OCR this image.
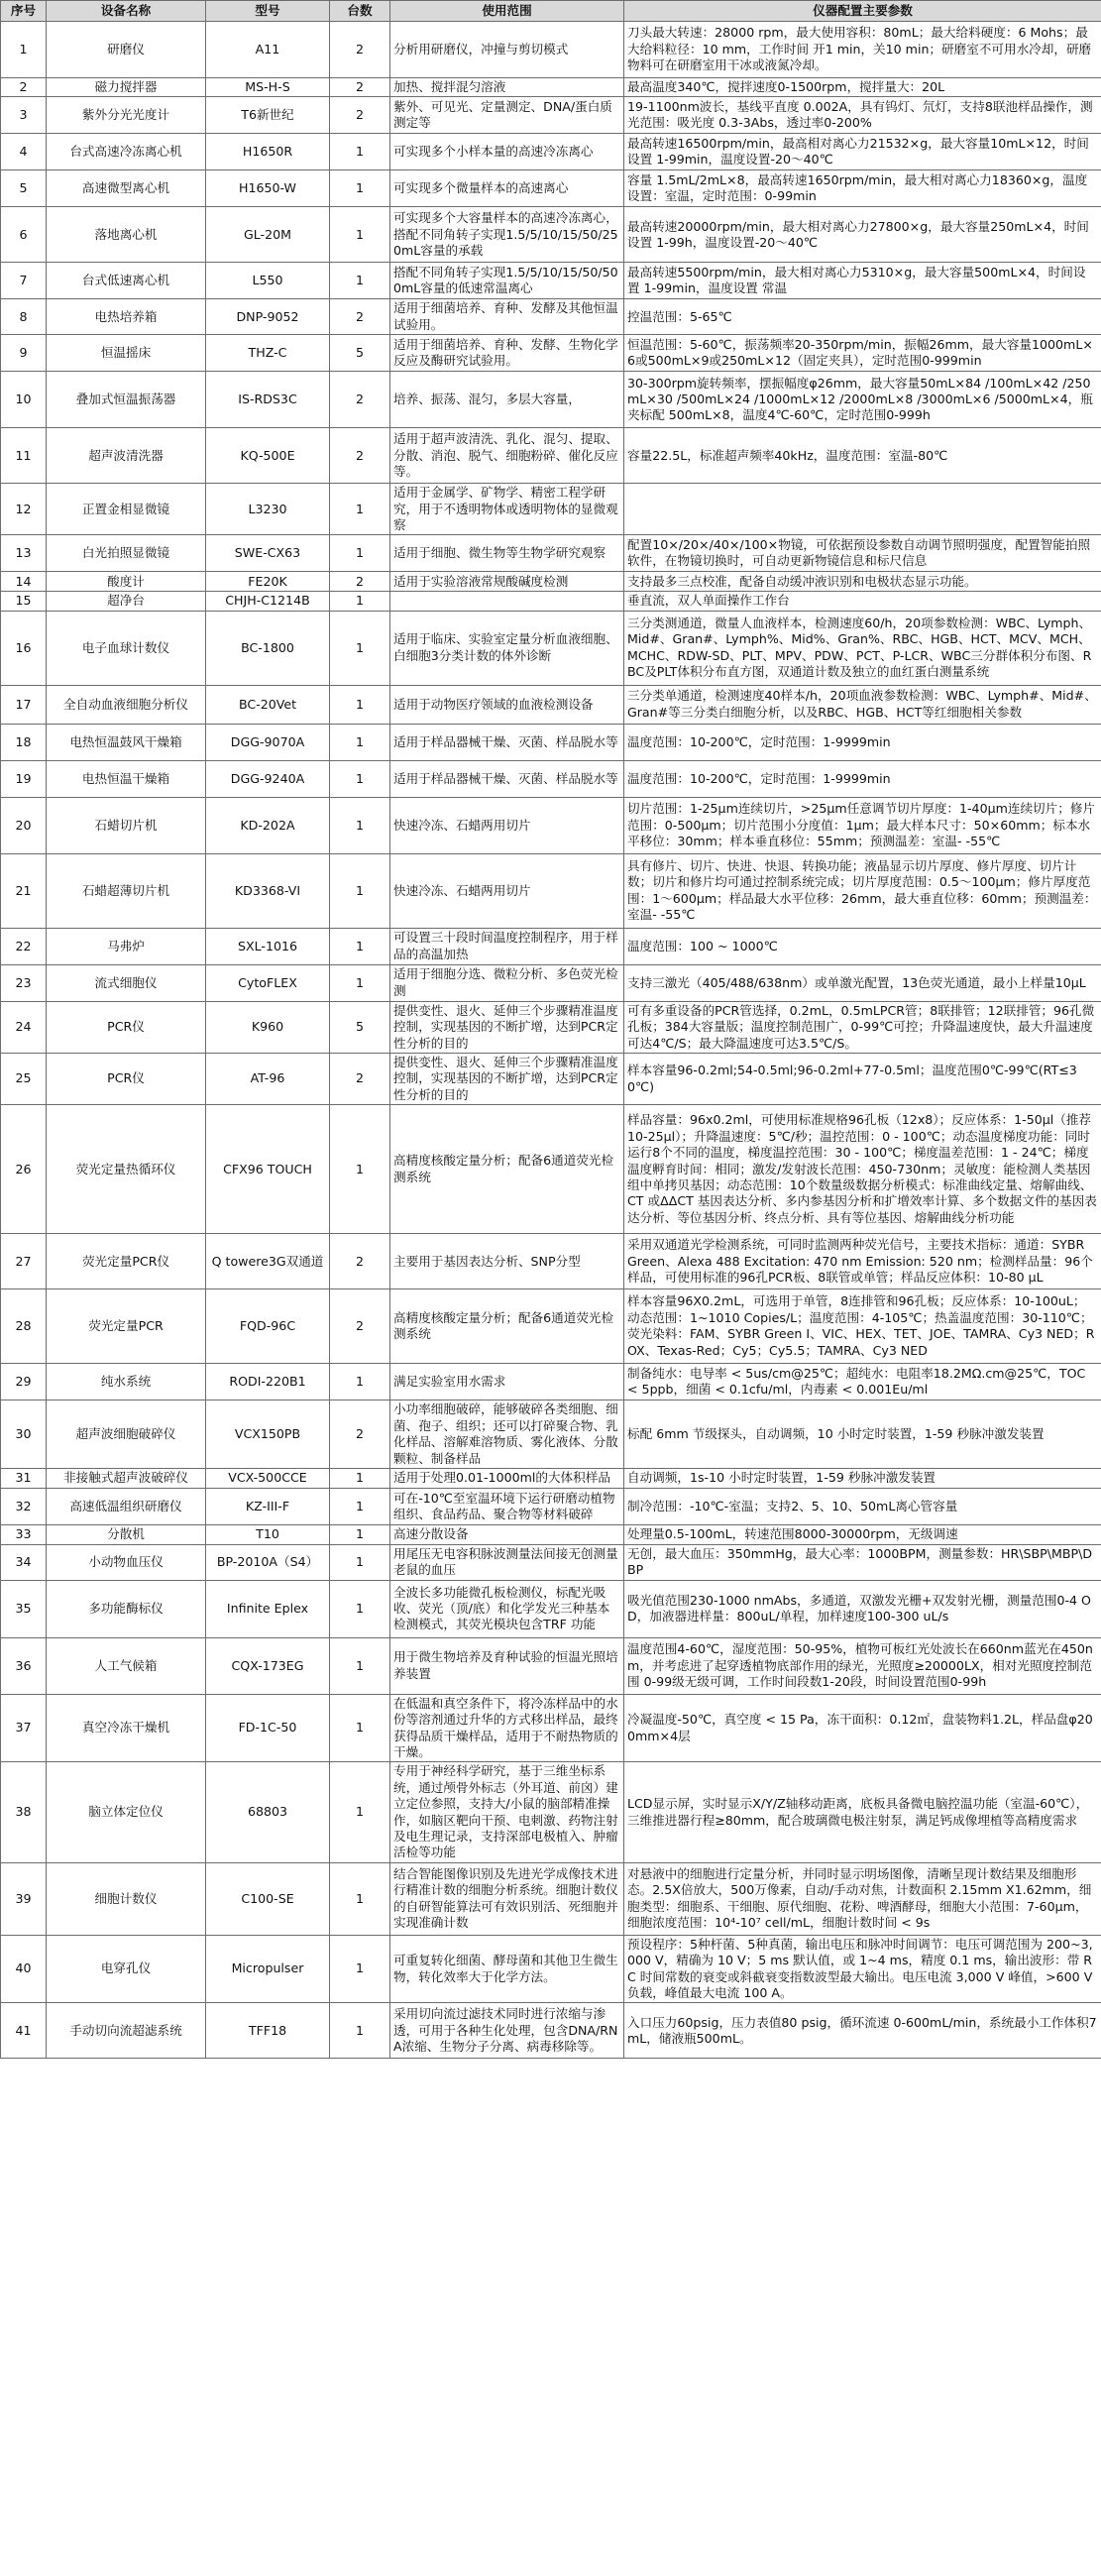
序号	设备名称	型号	台数	使用范围	仪器配置主要参数
1	研磨仪	A11	2	分析用研磨仪，冲撞与剪切模式	刀头最大转速：28000 rpm，最大使用容积：80mL；最大给料硬度：6 Mohs；最大给料粒径：10 mm，工作时间 开1 min，关10 min；研磨室不可用水冷却，研磨物料可在研磨室用干冰或液氮冷却。
2	磁力搅拌器	MS-H-S	2	加热、搅拌混匀溶液	最高温度340℃，搅拌速度0-1500rpm，搅拌量大：20L
3	紫外分光光度计	T6新世纪	2	紫外、可见光、定量测定、DNA/蛋白质测定等	19-1100nm波长，基线平直度 0.002A，具有钨灯、氘灯，支持8联池样品操作，测光范围：吸光度 0.3-3Abs，透过率0-200%
4	台式高速冷冻离心机	H1650R	1	可实现多个小样本量的高速冷冻离心	最高转速16500rpm/min，最高相对离心力21532×g，最大容量10mL×12，时间设置 1-99min，温度设置-20～40℃
5	高速微型离心机	H1650-W	1	可实现多个微量样本的高速离心	容量 1.5mL/2mL×8，最高转速1650rpm/min，最大相对离心力18360×g，温度设置：室温，定时范围：0-99min
6	落地离心机	GL-20M	1	可实现多个大容量样本的高速冷冻离心，搭配不同角转子实现1.5/5/10/15/50/250mL容量的承载	最高转速20000rpm/min，最大相对离心力27800×g，最大容量250mL×4，时间设置 1-99h，温度设置-20～40℃
7	台式低速离心机	L550	1	搭配不同角转子实现1.5/5/10/15/50/500mL容量的低速常温离心	最高转速5500rpm/min，最大相对离心力5310×g，最大容量500mL×4，时间设置 1-99min，温度设置 常温
8	电热培养箱	DNP-9052	2	适用于细菌培养、育种、发酵及其他恒温试验用。	控温范围：5-65℃
9	恒温摇床	THZ-C	5	适用于细菌培养、育种、发酵、生物化学反应及酶研究试验用。	恒温范围：5-60℃，振荡频率20-350rpm/min，振幅26mm，最大容量1000mL×6或500mL×9或250mL×12（固定夹具），定时范围0-999min
10	叠加式恒温振荡器	IS-RDS3C	2	培养、振荡、混匀，多层大容量，	30-300rpm旋转频率，摆振幅度φ26mm，最大容量50mL×84 /100mL×42 /250mL×30 /500mL×24 /1000mL×12 /2000mL×8 /3000mL×6 /5000mL×4，瓶夹标配 500mL×8，温度4℃-60℃，定时范围0-999h
11	超声波清洗器	KQ-500E	2	适用于超声波清洗、乳化、混匀、提取、分散、消泡、脱气、细胞粉碎、催化反应等。	容量22.5L，标准超声频率40kHz，温度范围：室温-80℃
12	正置金相显微镜	L3230	1	适用于金属学、矿物学、精密工程学研究，用于不透明物体或透明物体的显微观察	
13	白光拍照显微镜	SWE-CX63	1	适用于细胞、微生物等生物学研究观察	配置10×/20×/40×/100×物镜，可依据预设参数自动调节照明强度，配置智能拍照软件，在物镜切换时，可自动更新物镜信息和标尺信息
14	酸度计	FE20K	2	适用于实验溶液常规酸碱度检测	支持最多三点校准，配备自动缓冲液识别和电极状态显示功能。
15	超净台	CHJH-C1214B	1		垂直流，双人单面操作工作台
16	电子血球计数仪	BC-1800	1	适用于临床、实验室定量分析血液细胞、白细胞3分类计数的体外诊断	三分类测通道，微量人血液样本，检测速度60/h，20项参数检测：WBC、Lymph、Mid#、Gran#、Lymph%、Mid%、Gran%、RBC、HGB、HCT、MCV、MCH、MCHC、RDW-SD、PLT、MPV、PDW、PCT、P-LCR、WBC三分群体积分布图、RBC及PLT体积分布直方图，双通道计数及独立的血红蛋白测量系统
17	全自动血液细胞分析仪	BC-20Vet	1	适用于动物医疗领域的血液检测设备	三分类单通道，检测速度40样本/h，20项血液参数检测：WBC、Lymph#、Mid#、Gran#等三分类白细胞分析，以及RBC、HGB、HCT等红细胞相关参数
18	电热恒温鼓风干燥箱	DGG-9070A	1	适用于样品器械干燥、灭菌、样品脱水等	温度范围：10-200℃，定时范围：1-9999min
19	电热恒温干燥箱	DGG-9240A	1	适用于样品器械干燥、灭菌、样品脱水等	温度范围：10-200℃，定时范围：1-9999min
20	石蜡切片机	KD-202A	1	快速冷冻、石蜡两用切片	切片范围：1-25μm连续切片，>25μm任意调节切片厚度：1-40μm连续切片；修片范围：0-500μm；切片范围小分度值：1μm；最大样本尺寸：50×60mm；标本水平移位：30mm；样本垂直移位：55mm；预测温差：室温- -55℃
21	石蜡超薄切片机	KD3368-VI	1	快速冷冻、石蜡两用切片	具有修片、切片、快进、快退、转换功能；液晶显示切片厚度、修片厚度、切片计数；切片和修片均可通过控制系统完成；切片厚度范围：0.5～100μm；修片厚度范围：1～600μm；样品最大水平位移：26mm，最大垂直位移：60mm；预测温差：室温- -55℃
22	马弗炉	SXL-1016	1	可设置三十段时间温度控制程序，用于样品的高温加热	温度范围：100 ~ 1000℃
23	流式细胞仪	CytoFLEX	1	适用于细胞分选、微粒分析、多色荧光检测	支持三激光（405/488/638nm）或单激光配置，13色荧光通道，最小上样量10μL
24	PCR仪	K960	5	提供变性、退火、延伸三个步骤精准温度控制，实现基因的不断扩增，达到PCR定性分析的目的	可有多重设备的PCR管选择，0.2mL，0.5mLPCR管；8联排管；12联排管；96孔微孔板；384大容量版；温度控制范围广，0-99℃可控；升降温速度快，最大升温速度可达4℃/S；最大降温速度可达3.5℃/S。
25	PCR仪	AT-96	2	提供变性、退火、延伸三个步骤精准温度控制，实现基因的不断扩增，达到PCR定性分析的目的	样本容量96-0.2ml;54-0.5ml;96-0.2ml+77-0.5ml；温度范围0℃-99℃(RT≤30℃)
26	荧光定量热循环仪	CFX96 TOUCH	1	高精度核酸定量分析；配备6通道荧光检测系统	样品容量：96x0.2ml，可使用标准规格96孔板（12x8）；反应体系：1-50μl（推荐10-25μl）；升降温速度：5℃/秒；温控范围：0 - 100℃；动态温度梯度功能：同时运行8个不同的温度，梯度温控范围：30 - 100℃；梯度温差范围：1 - 24℃；梯度温度孵育时间：相同；激发/发射波长范围：450-730nm；灵敏度：能检测人类基因组中单拷贝基因；动态范围：10个数量级数据分析模式：标准曲线定量、熔解曲线、CT 或ΔΔCT 基因表达分析、多内参基因分析和扩增效率计算、多个数据文件的基因表达分析、等位基因分析、终点分析、具有等位基因、熔解曲线分析功能
27	荧光定量PCR仪	Q towere3G双通道	2	主要用于基因表达分析、SNP分型	采用双通道光学检测系统，可同时监测两种荧光信号，主要技术指标：通道：SYBR Green、Alexa 488 Excitation: 470 nm Emission: 520 nm；检测样品量：96个样品，可使用标准的96孔PCR板、8联管或单管；样品反应体积：10-80 μL
28	荧光定量PCR	FQD-96C	2	高精度核酸定量分析；配备6通道荧光检测系统	样本容量96X0.2mL，可选用于单管，8连排管和96孔板；反应体系：10-100uL；动态范围：1~1010 Copies/L；温度范围：4-105℃；热盖温度范围：30-110℃；荧光染料：FAM、SYBR Green Ⅰ、VIC、HEX、TET、JOE、TAMRA、Cy3 NED；ROX、Texas-Red；Cy5；Cy5.5；TAMRA、Cy3 NED
29	纯水系统	RODI-220B1	1	满足实验室用水需求	制备纯水：电导率 < 5us/cm@25℃；超纯水：电阻率18.2MΩ.cm@25℃，TOC < 5ppb，细菌 < 0.1cfu/ml，内毒素 < 0.001Eu/ml
30	超声波细胞破碎仪	VCX150PB	2	小功率细胞破碎，能够破碎各类细胞、细菌、孢子、组织；还可以打碎聚合物、乳化样品、溶解难溶物质、雾化液体、分散颗粒、制备样品	标配 6mm 节级探头，自动调频，10 小时定时装置，1-59 秒脉冲激发装置
31	非接触式超声波破碎仪	VCX-500CCE	1	适用于处理0.01-1000ml的大体积样品	自动调频，1s-10 小时定时装置，1-59 秒脉冲激发装置
32	高速低温组织研磨仪	KZ-III-F	1	可在-10℃至室温环境下运行研磨动植物组织、食品药品、聚合物等材料破碎	制冷范围：-10℃-室温；支持2、5、10、50mL离心管容量
33	分散机	T10	1	高速分散设备	处理量0.5-100mL，转速范围8000-30000rpm，无级调速
34	小动物血压仪	BP-2010A（S4）	1	用尾压无电容积脉波测量法间接无创测量老鼠的血压	无创，最大血压：350mmHg，最大心率：1000BPM，测量参数：HR\SBP\MBP\DBP
35	多功能酶标仪	Infinite Eplex	1	全波长多功能微孔板检测仪，标配光吸收、荧光（顶/底）和化学发光三种基本检测模式，其荧光模块包含TRF 功能	吸光值范围230-1000 nmAbs，多通道，双激发光栅+双发射光栅，测量范围0-4 OD，加液器进样量：800uL/单程，加样速度100-300 uL/s
36	人工气候箱	CQX-173EG	1	用于微生物培养及育种试验的恒温光照培养装置	温度范围4-60℃，湿度范围：50-95%，植物可板红光处波长在660nm蓝光在450nm，并考虑进了起穿透植物底部作用的绿光，光照度≥20000LX，相对光照度控制范围 0-99级无级可调，工作时间段数1-20段，时间设置范围0-99h
37	真空冷冻干燥机	FD-1C-50	1	在低温和真空条件下，将冷冻样品中的水份等溶剂通过升华的方式移出样品，最终获得品质干燥样品，适用于不耐热物质的干燥。	冷凝温度-50℃，真空度 < 15 Pa，冻干面积：0.12㎡，盘装物料1.2L，样品盘φ200mm×4层
38	脑立体定位仪	68803	1	专用于神经科学研究，基于三维坐标系统，通过颅骨外标志（外耳道、前囟）建立定位参照，支持大/小鼠的脑部精准操作，如脑区靶向干预、电刺激、药物注射及电生理记录，支持深部电极植入、肿瘤活检等功能	LCD显示屏，实时显示X/Y/Z轴移动距离，底板具备微电脑控温功能（室温-60℃），三维推进器行程≥80mm，配合玻璃微电极注射泵，满足钙成像埋植等高精度需求
39	细胞计数仪	C100-SE	1	结合智能图像识别及先进光学成像技术进行精准计数的细胞分析系统。细胞计数仪的自研智能算法可有效识别活、死细胞并实现准确计数	对悬液中的细胞进行定量分析，并同时显示明场图像，清晰呈现计数结果及细胞形态。2.5X倍放大，500万像素，自动/手动对焦，计数面积 2.15mm X1.62mm，细胞类型：细胞系、干细胞、原代细胞、花粉、啤酒酵母，细胞大小范围：7-60μm，细胞浓度范围：10⁴-10⁷ cell/mL，细胞计数时间 < 9s
40	电穿孔仪	Micropulser	1	可重复转化细菌、酵母菌和其他卫生微生物，转化效率大于化学方法。	预设程序：5种杆菌、5种真菌，输出电压和脉冲时间调节：电压可调范围为 200~3,000 V，精确为 10 V；5 ms 默认值，或 1~4 ms，精度 0.1 ms，输出波形：带 RC 时间常数的衰变或斜截衰变指数波型最大输出。电压电流 3,000 V 峰值，>600 V 负载，峰值最大电流 100 A。
41	手动切向流超滤系统	TFF18	1	采用切向流过滤技术同时进行浓缩与渗透，可用于各种生化处理，包含DNA/RNA浓缩、生物分子分离、病毒移除等。	入口压力60psig，压力表值80 psig，循环流速 0-600mL/min，系统最小工作体积7mL，储液瓶500mL。
